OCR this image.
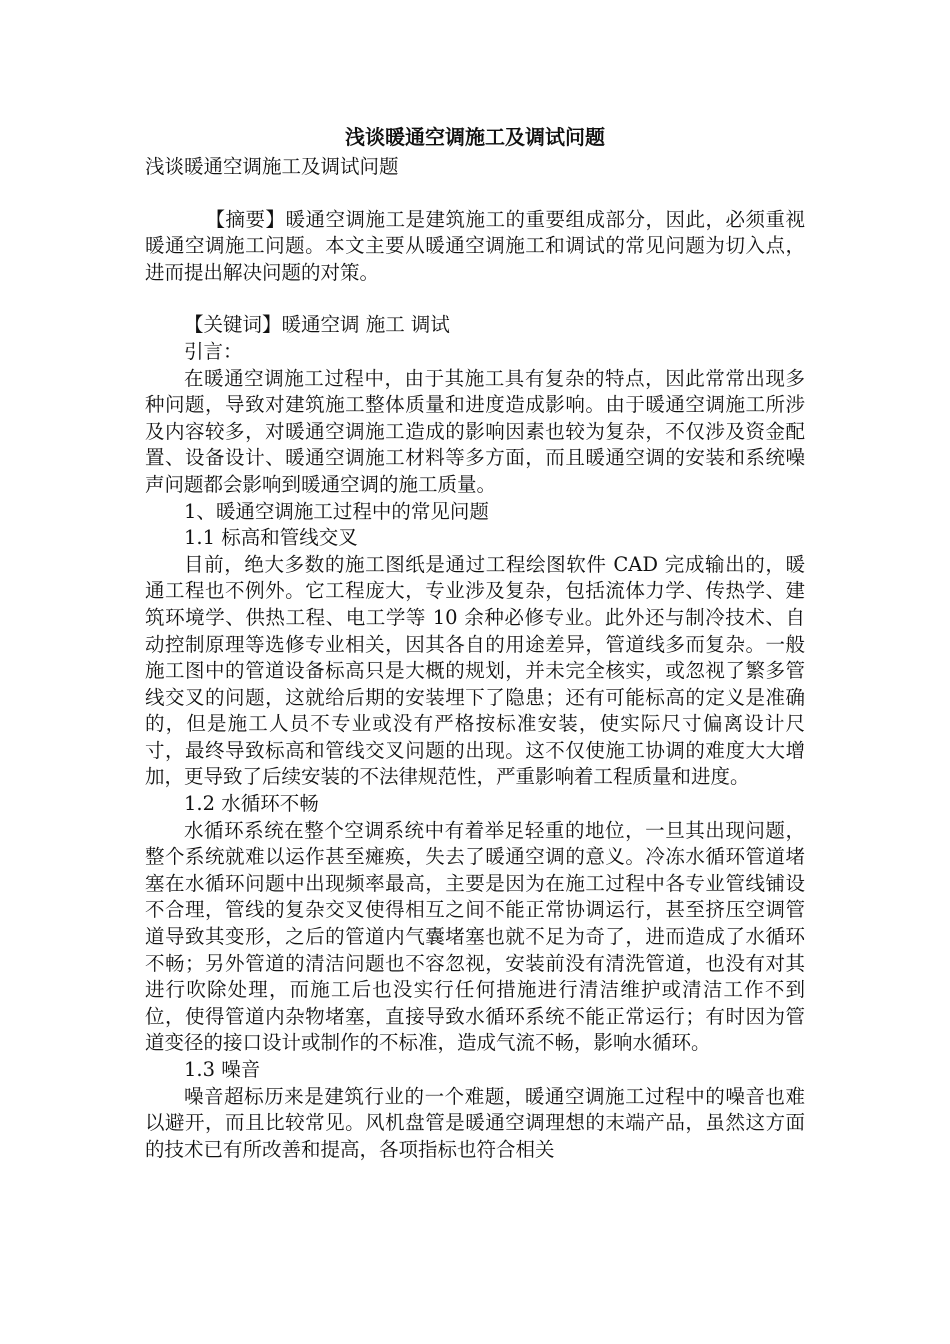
浅谈暖通空调施工及调试问题

浅谈暖通空调施工及调试问题

【摘要】暖通空调施工是建筑施工的重要组成部分，因此，必须重视暖通空调施工问题。本文主要从暖通空调施工和调试的常见问题为切入点，进而提出解决问题的对策。

【关键词】暖通空调 施工 调试

引言：

在暖通空调施工过程中，由于其施工具有复杂的特点，因此常常出现多种问题，导致对建筑施工整体质量和进度造成影响。由于暖通空调施工所涉及内容较多，对暖通空调施工造成的影响因素也较为复杂，不仅涉及资金配置、设备设计、暖通空调施工材料等多方面，而且暖通空调的安装和系统噪声问题都会影响到暖通空调的施工质量。

1、暖通空调施工过程中的常见问题

1.1 标高和管线交叉

目前，绝大多数的施工图纸是通过工程绘图软件 CAD 完成输出的，暖通工程也不例外。它工程庞大，专业涉及复杂，包括流体力学、传热学、建筑环境学、供热工程、电工学等 10 余种必修专业。此外还与制冷技术、自动控制原理等选修专业相关，因其各自的用途差异，管道线多而复杂。一般施工图中的管道设备标高只是大概的规划，并未完全核实，或忽视了繁多管线交叉的问题，这就给后期的安装埋下了隐患；还有可能标高的定义是准确的，但是施工人员不专业或没有严格按标准安装，使实际尺寸偏离设计尺寸，最终导致标高和管线交叉问题的出现。这不仅使施工协调的难度大大增加，更导致了后续安装的不法律规范性，严重影响着工程质量和进度。

1.2 水循环不畅

水循环系统在整个空调系统中有着举足轻重的地位，一旦其出现问题，整个系统就难以运作甚至瘫痪，失去了暖通空调的意义。冷冻水循环管道堵塞在水循环问题中出现频率最高，主要是因为在施工过程中各专业管线铺设不合理，管线的复杂交叉使得相互之间不能正常协调运行，甚至挤压空调管道导致其变形，之后的管道内气囊堵塞也就不足为奇了，进而造成了水循环不畅；另外管道的清洁问题也不容忽视，安装前没有清洗管道，也没有对其进行吹除处理，而施工后也没实行任何措施进行清洁维护或清洁工作不到位，使得管道内杂物堵塞，直接导致水循环系统不能正常运行；有时因为管道变径的接口设计或制作的不标准，造成气流不畅，影响水循环。

1.3 噪音

噪音超标历来是建筑行业的一个难题，暖通空调施工过程中的噪音也难以避开，而且比较常见。风机盘管是暖通空调理想的末端产品，虽然这方面的技术已有所改善和提高，各项指标也符合相关
